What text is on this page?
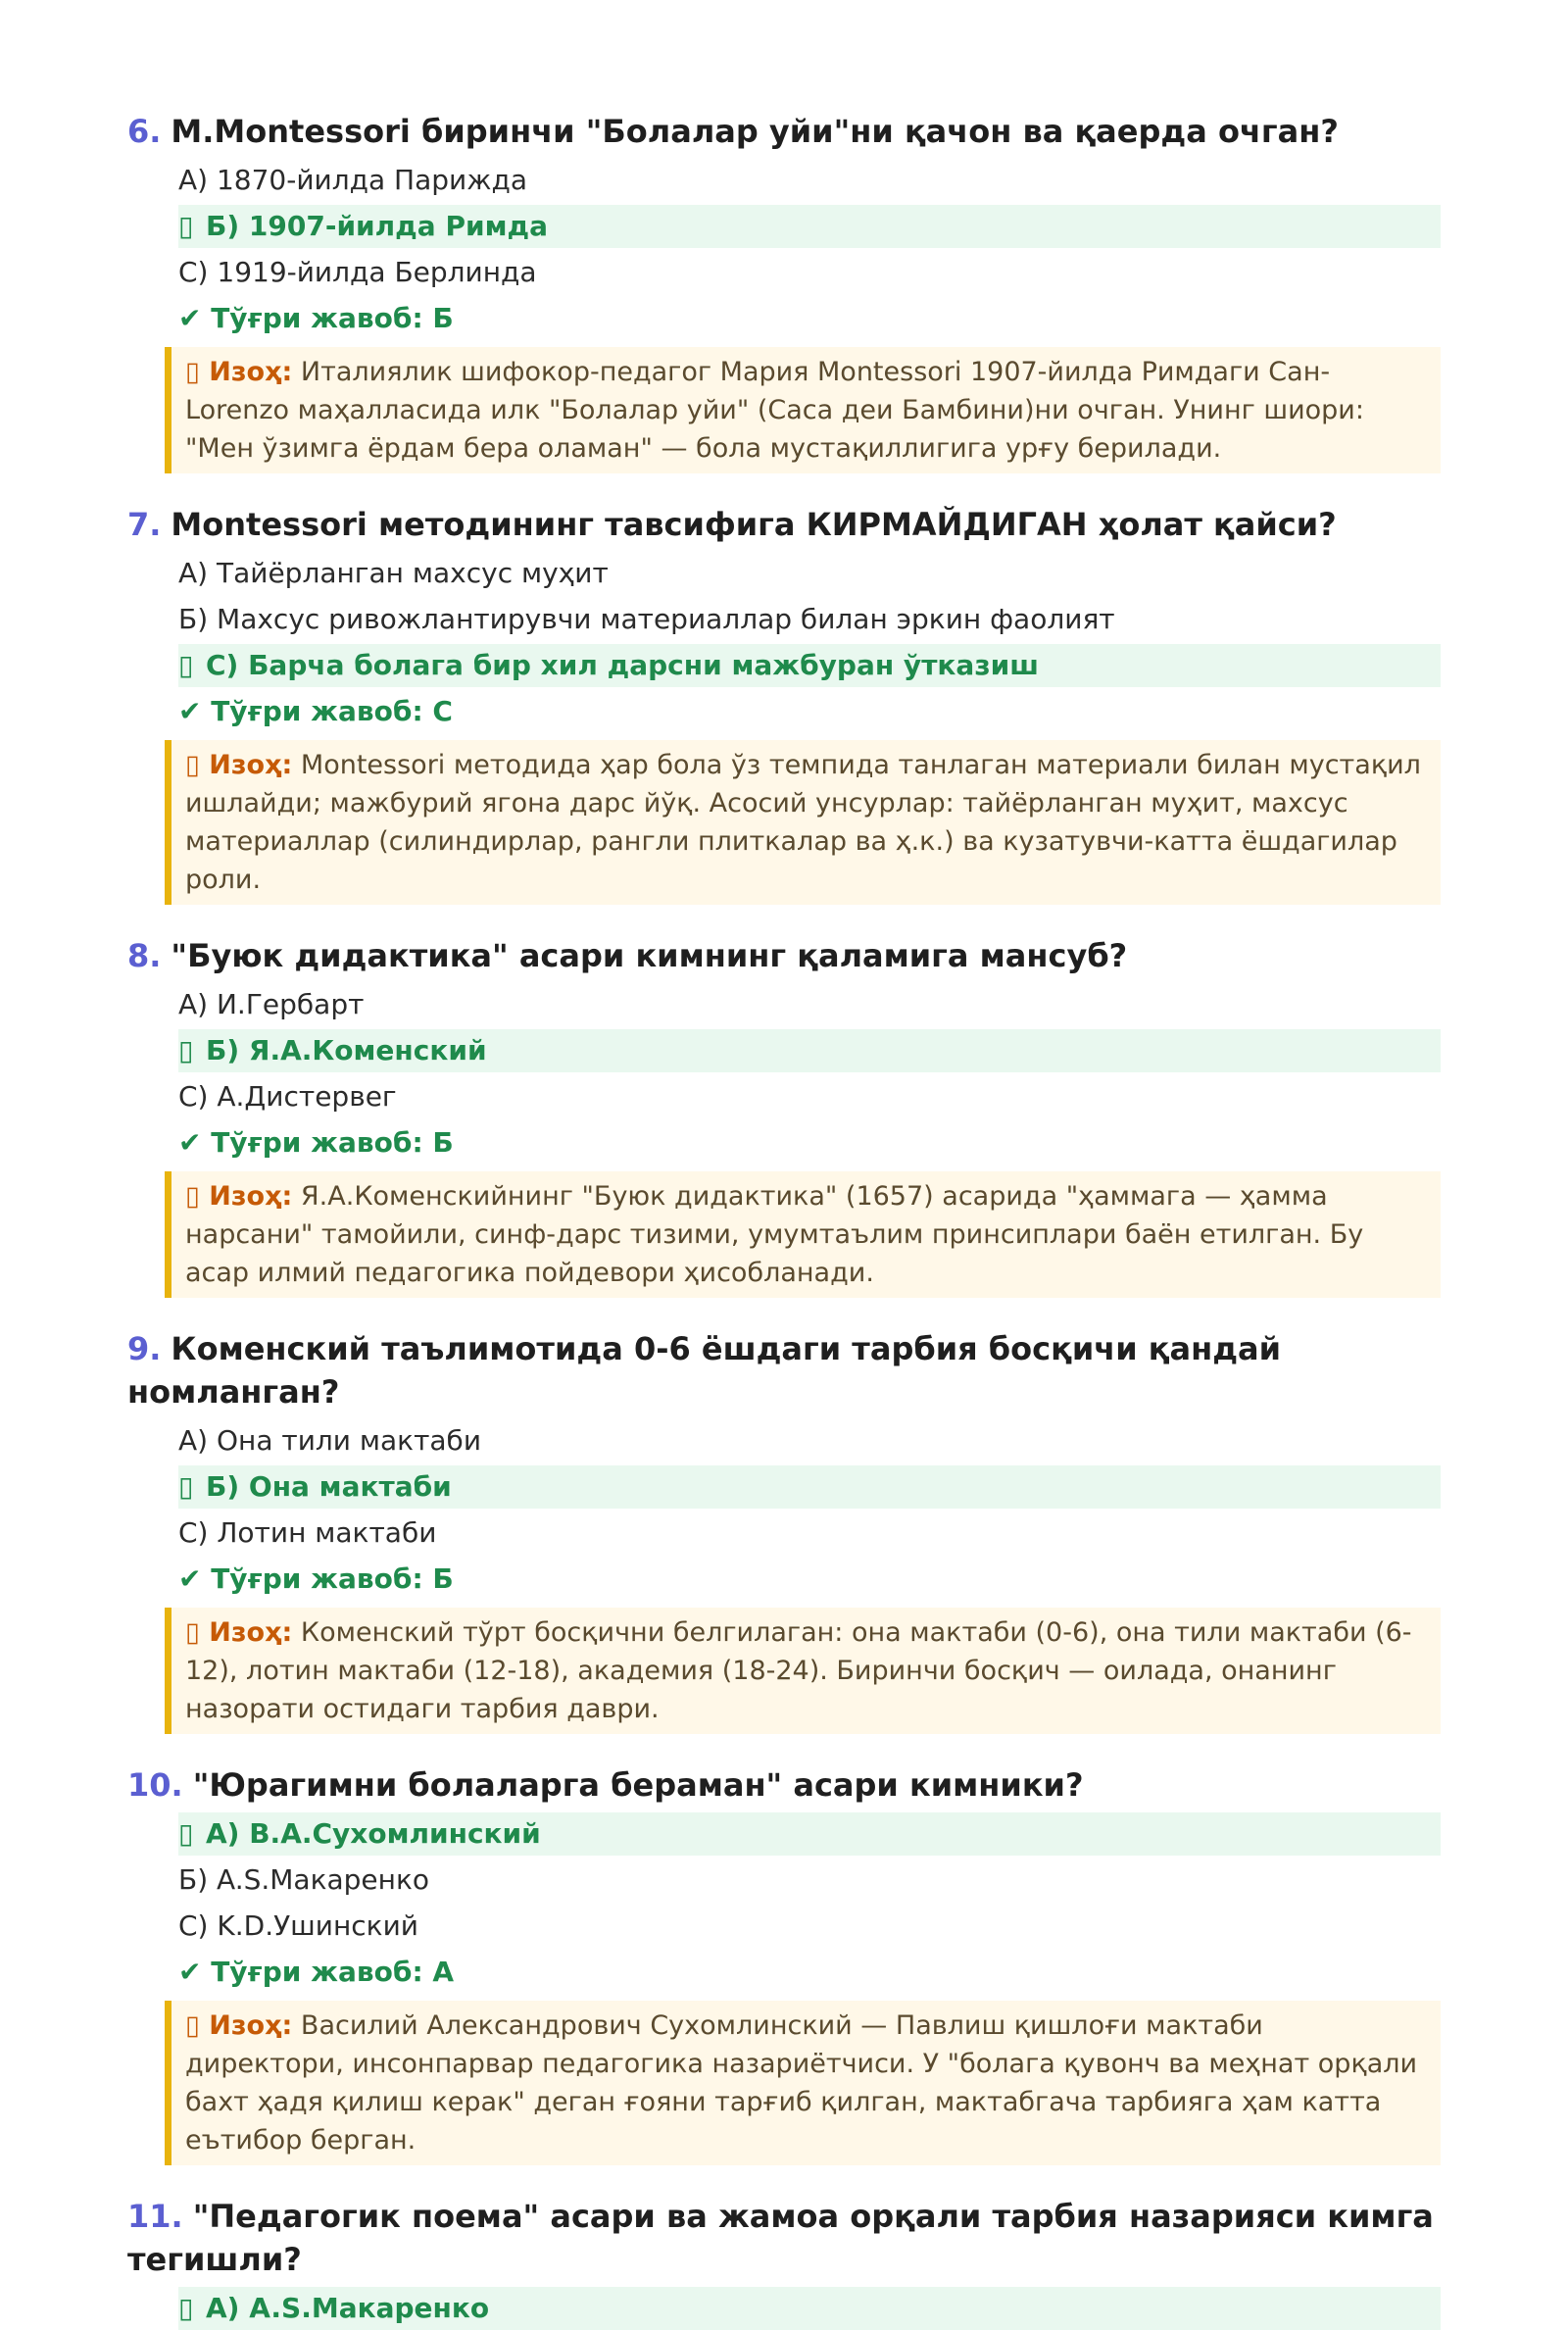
6. M.Montessori биринчи "Болалар уйи"ни қачон ва қаерда очган?
A) 1870-йилда Парижда
▯ Б) 1907-йилда Римда
C) 1919-йилда Берлинда
✔ Тўғри жавоб: Б
▯ Изоҳ: Италиялик шифокор-педагог Мария Montessori 1907-йилда Римдаги Сан-Lorenzo маҳалласида илк "Болалар уйи" (Саса деи Бамбини)ни очган. Унинг шиори: "Мен ўзимга ёрдам бера оламан" — бола мустақиллигига урғу берилади.
7. Montessori методининг тавсифига КИРМАЙДИГАН ҳолат қайси?
A) Тайёрланган махсус муҳит
Б) Махсус ривожлантирувчи материаллар билан эркин фаолият
▯ C) Барча болага бир хил дарсни мажбуран ўтказиш
✔ Тўғри жавоб: C
▯ Изоҳ: Montessori методида ҳар бола ўз темпида танлаган материали билан мустақил ишлайди; мажбурий ягона дарс йўқ. Асосий унсурлар: тайёрланган муҳит, махсус материаллар (силиндирлар, рангли плиткалар ва ҳ.к.) ва кузатувчи-катта ёшдагилар роли.
8. "Буюк дидактика" асари кимнинг қаламига мансуб?
A) И.Гербарт
▯ Б) Я.А.Коменский
C) А.Дистервег
✔ Тўғри жавоб: Б
▯ Изоҳ: Я.А.Коменскийнинг "Буюк дидактика" (1657) асарида "ҳаммага — ҳамма нарсани" тамойили, синф-дарс тизими, умумтаълим принсиплари баён етилган. Бу асар илмий педагогика пойдевори ҳисобланади.
9. Коменский таълимотида 0-6 ёшдаги тарбия босқичи қандай номланган?
A) Она тили мактаби
▯ Б) Она мактаби
C) Лотин мактаби
✔ Тўғри жавоб: Б
▯ Изоҳ: Коменский тўрт босқични белгилаган: она мактаби (0-6), она тили мактаби (6-12), лотин мактаби (12-18), академия (18-24). Биринчи босқич — оилада, онанинг назорати остидаги тарбия даври.
10. "Юрагимни болаларга бераман" асари кимники?
▯ A) В.А.Сухомлинский
Б) A.S.Макаренко
C) K.D.Ушинский
✔ Тўғри жавоб: A
▯ Изоҳ: Василий Александрович Сухомлинский — Павлиш қишлоғи мактаби директори, инсонпарвар педагогика назариётчиси. У "болага қувонч ва меҳнат орқали бахт ҳадя қилиш керак" деган ғояни тарғиб қилган, мактабгача тарбияга ҳам катта еътибор берган.
11. "Педагогик поема" асари ва жамоа орқали тарбия назарияси кимга тегишли?
▯ A) A.S.Макаренко
